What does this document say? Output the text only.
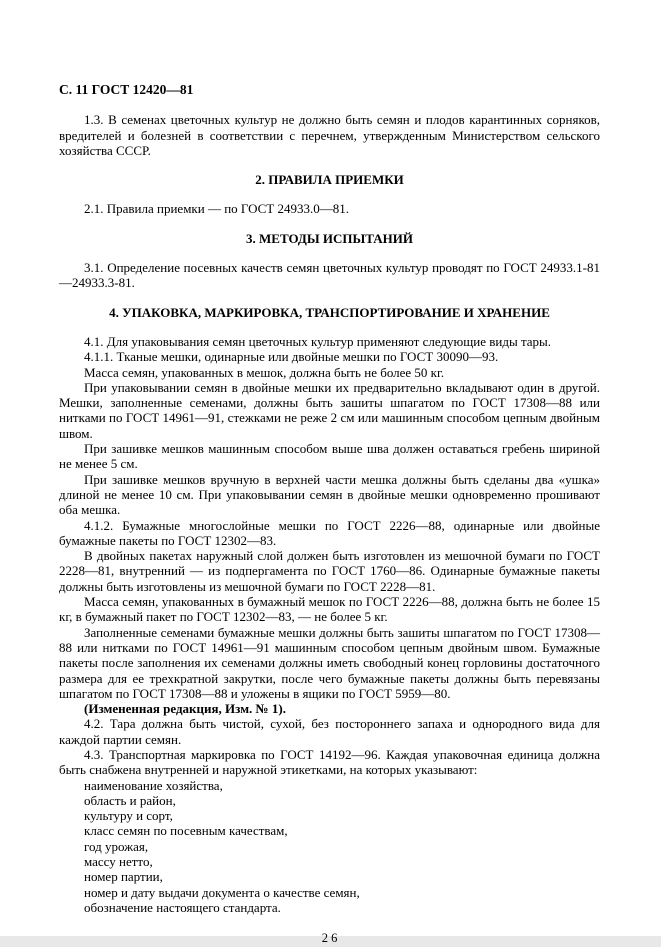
С. 11 ГОСТ 12420—81

1.3. В семенах цветочных культур не должно быть семян и плодов карантинных сорняков, вредителей и болезней в соответствии с перечнем, утвержденным Министерством сельского хозяйства СССР.

2. ПРАВИЛА ПРИЕМКИ

2.1. Правила приемки — по ГОСТ 24933.0—81.

3. МЕТОДЫ ИСПЫТАНИЙ

3.1. Определение посевных качеств семян цветочных культур проводят по ГОСТ 24933.1-81—24933.3-81.

4. УПАКОВКА, МАРКИРОВКА, ТРАНСПОРТИРОВАНИЕ И ХРАНЕНИЕ

4.1. Для упаковывания семян цветочных культур применяют следующие виды тары.

4.1.1. Тканые мешки, одинарные или двойные мешки по ГОСТ 30090—93.

Масса семян, упакованных в мешок, должна быть не более 50 кг.

При упаковывании семян в двойные мешки их предварительно вкладывают один в другой. Мешки, заполненные семенами, должны быть зашиты шпагатом по ГОСТ 17308—88 или нитками по ГОСТ 14961—91, стежками не реже 2 см или машинным способом цепным двойным швом.

При зашивке мешков машинным способом выше шва должен оставаться гребень шириной не менее 5 см.

При зашивке мешков вручную в верхней части мешка должны быть сделаны два «ушка» длиной не менее 10 см. При упаковывании семян в двойные мешки одновременно прошивают оба мешка.

4.1.2. Бумажные многослойные мешки по ГОСТ 2226—88, одинарные или двойные бумажные пакеты по ГОСТ 12302—83.

В двойных пакетах наружный слой должен быть изготовлен из мешочной бумаги по ГОСТ 2228—81, внутренний — из подпергамента по ГОСТ 1760—86. Одинарные бумажные пакеты должны быть изготовлены из мешочной бумаги по ГОСТ 2228—81.

Масса семян, упакованных в бумажный мешок по ГОСТ 2226—88, должна быть не более 15 кг, в бумажный пакет по ГОСТ 12302—83, — не более 5 кг.

Заполненные семенами бумажные мешки должны быть зашиты шпагатом по ГОСТ 17308—88 или нитками по ГОСТ 14961—91 машинным способом цепным двойным швом. Бумажные пакеты после заполнения их семенами должны иметь свободный конец горловины достаточного размера для ее трехкратной закрутки, после чего бумажные пакеты должны быть перевязаны шпагатом по ГОСТ 17308—88 и уложены в ящики по ГОСТ 5959—80.

(Измененная редакция, Изм. № 1).

4.2. Тара должна быть чистой, сухой, без постороннего запаха и однородного вида для каждой партии семян.

4.3. Транспортная маркировка по ГОСТ 14192—96. Каждая упаковочная единица должна быть снабжена внутренней и наружной этикетками, на которых указывают:

наименование хозяйства,

область и район,

культуру и сорт,

класс семян по посевным качествам,

год урожая,

массу нетто,

номер партии,

номер и дату выдачи документа о качестве семян,

обозначение настоящего стандарта.

2 6
